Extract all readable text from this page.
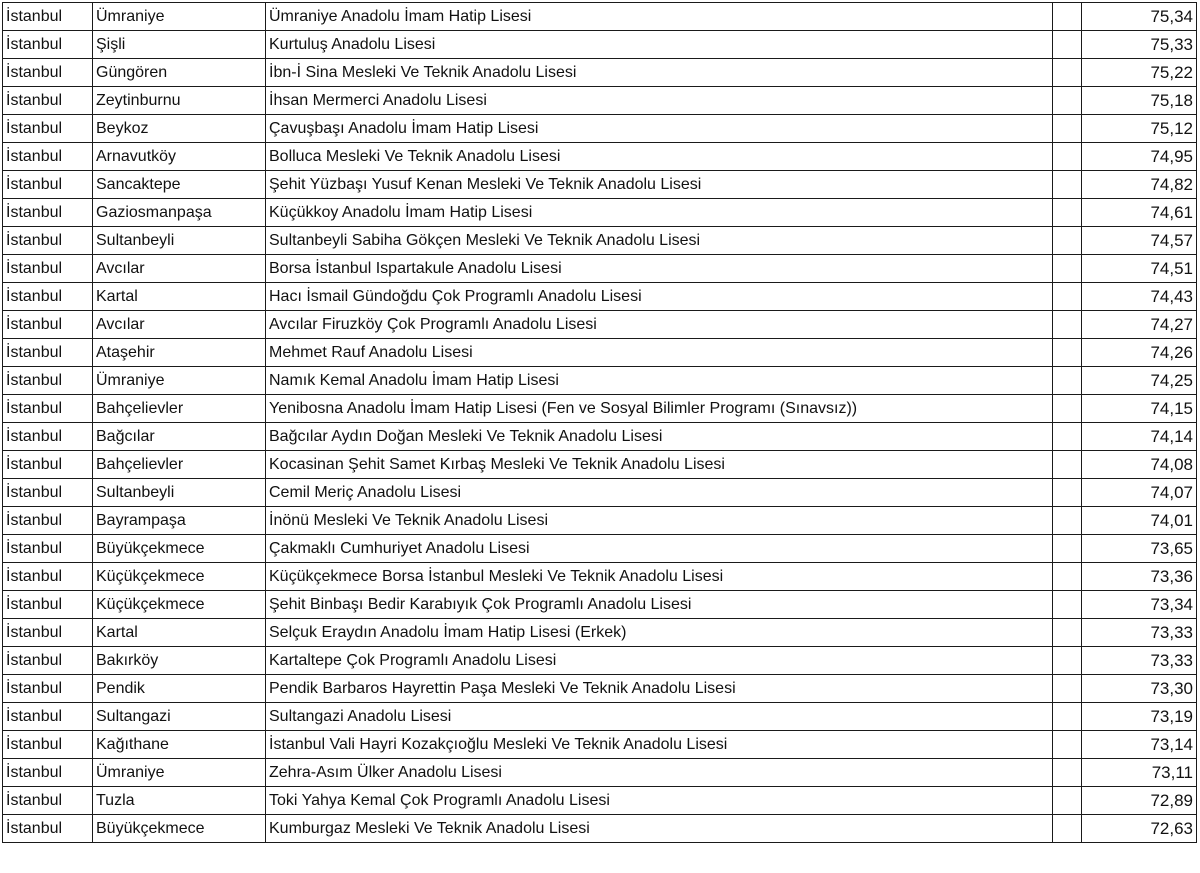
İstanbul	Ümraniye	Ümraniye Anadolu İmam Hatip Lisesi		75,34
İstanbul	Şişli	Kurtuluş Anadolu Lisesi		75,33
İstanbul	Güngören	İbn-İ Sina Mesleki Ve Teknik Anadolu Lisesi		75,22
İstanbul	Zeytinburnu	İhsan Mermerci Anadolu Lisesi		75,18
İstanbul	Beykoz	Çavuşbaşı Anadolu İmam Hatip Lisesi		75,12
İstanbul	Arnavutköy	Bolluca Mesleki Ve Teknik Anadolu Lisesi		74,95
İstanbul	Sancaktepe	Şehit Yüzbaşı Yusuf Kenan Mesleki Ve Teknik Anadolu Lisesi		74,82
İstanbul	Gaziosmanpaşa	Küçükkoy Anadolu İmam Hatip Lisesi		74,61
İstanbul	Sultanbeyli	Sultanbeyli Sabiha Gökçen Mesleki Ve Teknik Anadolu Lisesi		74,57
İstanbul	Avcılar	Borsa İstanbul Ispartakule Anadolu Lisesi		74,51
İstanbul	Kartal	Hacı İsmail Gündoğdu Çok Programlı Anadolu Lisesi		74,43
İstanbul	Avcılar	Avcılar Firuzköy Çok Programlı Anadolu Lisesi		74,27
İstanbul	Ataşehir	Mehmet Rauf Anadolu Lisesi		74,26
İstanbul	Ümraniye	Namık Kemal Anadolu İmam Hatip Lisesi		74,25
İstanbul	Bahçelievler	Yenibosna Anadolu İmam Hatip Lisesi (Fen ve Sosyal Bilimler Programı (Sınavsız))		74,15
İstanbul	Bağcılar	Bağcılar Aydın Doğan Mesleki Ve Teknik Anadolu Lisesi		74,14
İstanbul	Bahçelievler	Kocasinan Şehit Samet Kırbaş Mesleki Ve Teknik Anadolu Lisesi		74,08
İstanbul	Sultanbeyli	Cemil Meriç Anadolu Lisesi		74,07
İstanbul	Bayrampaşa	İnönü Mesleki Ve Teknik Anadolu Lisesi		74,01
İstanbul	Büyükçekmece	Çakmaklı Cumhuriyet Anadolu Lisesi		73,65
İstanbul	Küçükçekmece	Küçükçekmece Borsa İstanbul Mesleki Ve Teknik Anadolu Lisesi		73,36
İstanbul	Küçükçekmece	Şehit Binbaşı Bedir Karabıyık Çok Programlı Anadolu Lisesi		73,34
İstanbul	Kartal	Selçuk Eraydın Anadolu İmam Hatip Lisesi (Erkek)		73,33
İstanbul	Bakırköy	Kartaltepe Çok Programlı Anadolu Lisesi		73,33
İstanbul	Pendik	Pendik Barbaros Hayrettin Paşa Mesleki Ve Teknik Anadolu Lisesi		73,30
İstanbul	Sultangazi	Sultangazi Anadolu Lisesi		73,19
İstanbul	Kağıthane	İstanbul Vali Hayri Kozakçıoğlu Mesleki Ve Teknik Anadolu Lisesi		73,14
İstanbul	Ümraniye	Zehra-Asım Ülker Anadolu Lisesi		73,11
İstanbul	Tuzla	Toki Yahya Kemal Çok Programlı Anadolu Lisesi		72,89
İstanbul	Büyükçekmece	Kumburgaz Mesleki Ve Teknik Anadolu Lisesi		72,63
